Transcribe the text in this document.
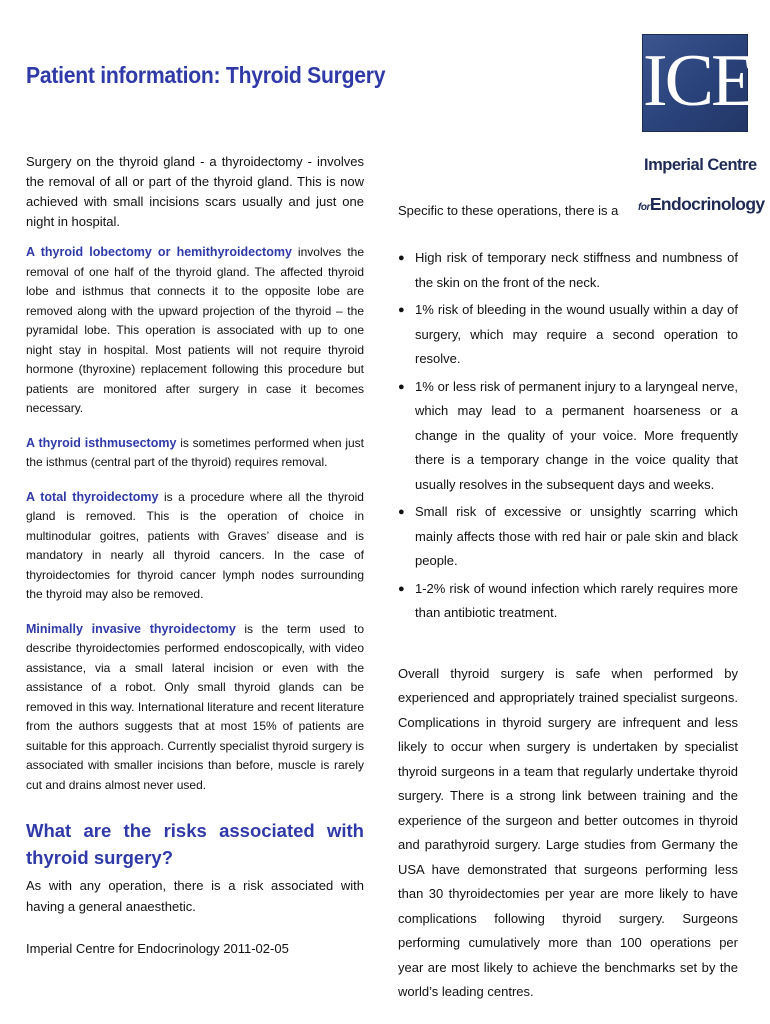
Patient information: Thyroid Surgery	ICE
Imperial Centre
forEndocrinology

Surgery on the thyroid gland - a thyroidectomy - involves the removal of all or part of the thyroid gland. This is now achieved with small incisions scars usually and just one night in hospital.

A thyroid lobectomy or hemithyroidectomy involves the removal of one half of the thyroid gland. The affected thyroid lobe and isthmus that connects it to the opposite lobe are removed along with the upward projection of the thyroid – the pyramidal lobe. This operation is associated with up to one night stay in hospital. Most patients will not require thyroid hormone (thyroxine) replacement following this procedure but patients are monitored after surgery in case it becomes necessary.

A thyroid isthmusectomy is sometimes performed when just the isthmus (central part of the thyroid) requires removal.

A total thyroidectomy is a procedure where all the thyroid gland is removed. This is the operation of choice in multinodular goitres, patients with Graves’ disease and is mandatory in nearly all thyroid cancers. In the case of thyroidectomies for thyroid cancer lymph nodes surrounding the thyroid may also be removed.

Minimally invasive thyroidectomy is the term used to describe thyroidectomies performed endoscopically, with video assistance, via a small lateral incision or even with the assistance of a robot. Only small thyroid glands can be removed in this way. International literature and recent literature from the authors suggests that at most 15% of patients are suitable for this approach. Currently specialist thyroid surgery is associated with smaller incisions than before, muscle is rarely cut and drains almost never used.

What are the risks associated with thyroid surgery?

As with any operation, there is a risk associated with having a general anaesthetic.

Specific to these operations, there is a

● High risk of temporary neck stiffness and numbness of the skin on the front of the neck.
● 1% risk of bleeding in the wound usually within a day of surgery, which may require a second operation to resolve.
● 1% or less risk of permanent injury to a laryngeal nerve, which may lead to a permanent hoarseness or a change in the quality of your voice. More frequently there is a temporary change in the voice quality that usually resolves in the subsequent days and weeks.
● Small risk of excessive or unsightly scarring which mainly affects those with red hair or pale skin and black people.
● 1-2% risk of wound infection which rarely requires more than antibiotic treatment.

Overall thyroid surgery is safe when performed by experienced and appropriately trained specialist surgeons. Complications in thyroid surgery are infrequent and less likely to occur when surgery is undertaken by specialist thyroid surgeons in a team that regularly undertake thyroid surgery. There is a strong link between training and the experience of the surgeon and better outcomes in thyroid and parathyroid surgery. Large studies from Germany the USA have demonstrated that surgeons performing less than 30 thyroidectomies per year are more likely to have complications following thyroid surgery. Surgeons performing cumulatively more than 100 operations per year are most likely to achieve the benchmarks set by the world’s leading centres.

Imperial Centre for Endocrinology 2011-02-05
